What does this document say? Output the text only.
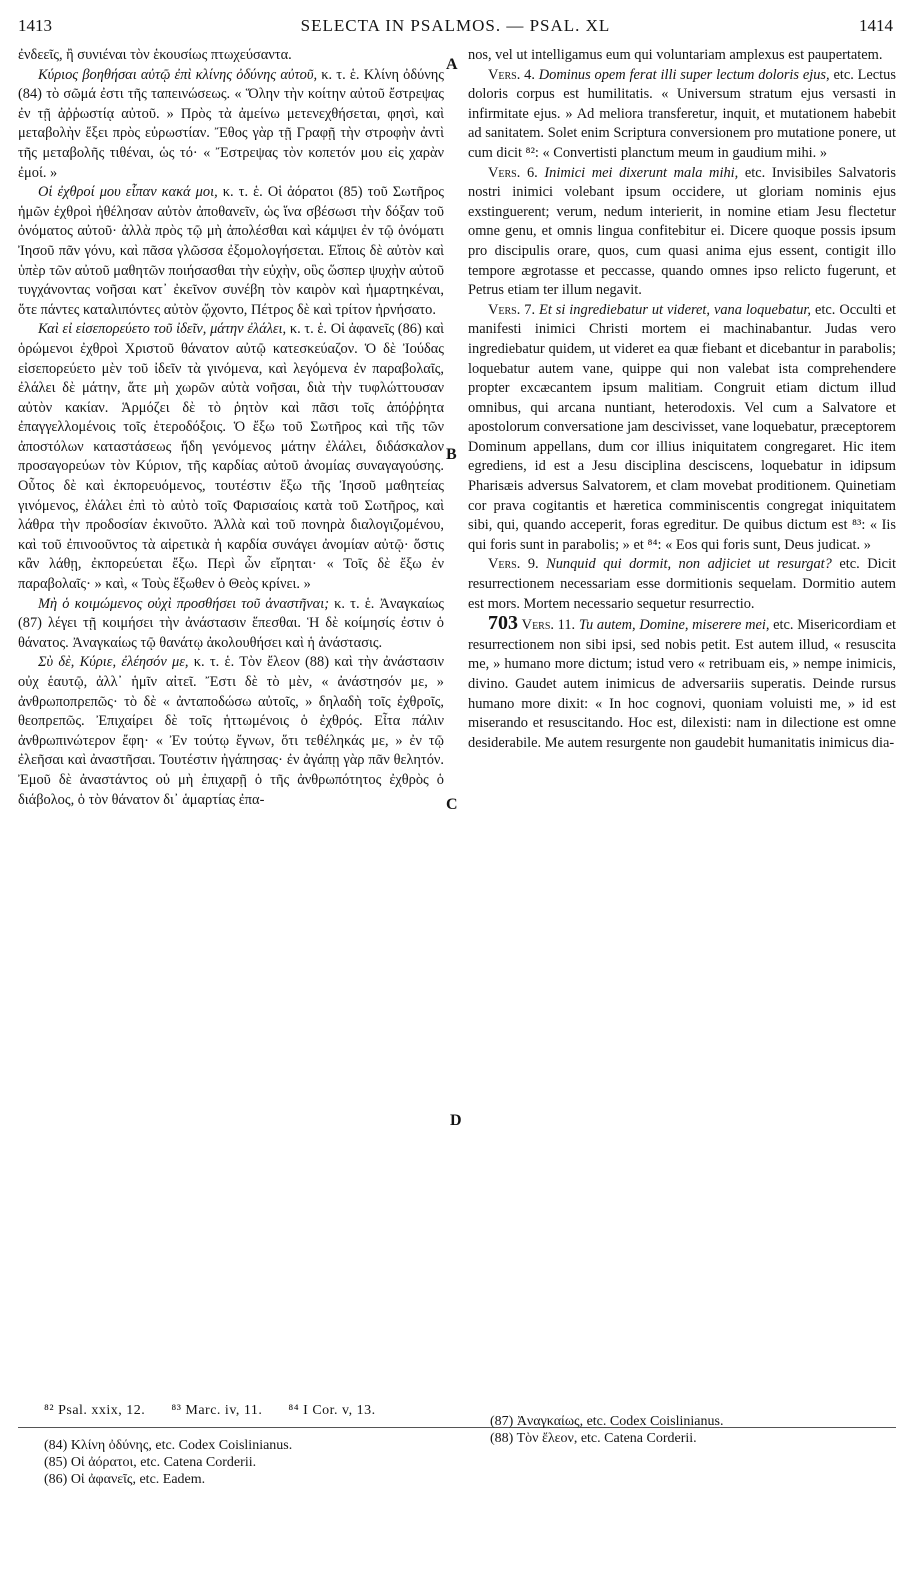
1413	SELECTA IN PSALMOS. — PSAL. XL	1414

ἐνδεεῖς, ἢ συνιέναι τὸν ἑκουσίως πτωχεύσαντα.

Κύριος βοηθήσαι αὐτῷ ἐπὶ κλίνης ὀδύνης αὐτοῦ, κ. τ. ἑ. Κλίνη ὀδύνης (84) τὸ σῶμά ἐστι τῆς ταπεινώσεως. « Ὅλην τὴν κοίτην αὐτοῦ ἔστρεψας ἐν τῇ ἀῤῥωστίᾳ αὐτοῦ. » Πρὸς τὰ ἀμείνω μετενεχθήσεται, φησὶ, καὶ μεταβολὴν ἕξει πρὸς εὐρωστίαν. Ἔθος γὰρ τῇ Γραφῇ τὴν στροφὴν ἀντὶ τῆς μεταβολῆς τιθέναι, ὡς τό· « Ἔστρεψας τὸν κοπετόν μου εἰς χαρὰν ἐμοί. »

Οἱ ἐχθροί μου εἶπαν κακά μοι, κ. τ. ἑ. Οἱ ἀόρατοι (85) τοῦ Σωτῆρος ἡμῶν ἐχθροὶ ἠθέλησαν αὐτὸν ἀποθανεῖν, ὡς ἵνα σβέσωσι τὴν δόξαν τοῦ ὀνόματος αὐτοῦ· ἀλλὰ πρὸς τῷ μὴ ἀπολέσθαι καὶ κάμψει ἐν τῷ ὀνόματι Ἰησοῦ πᾶν γόνυ, καὶ πᾶσα γλῶσσα ἐξομολογήσεται. Εἴποις δὲ αὐτὸν καὶ ὑπὲρ τῶν αὐτοῦ μαθητῶν ποιήσασθαι τὴν εὐχὴν, οὓς ὥσπερ ψυχὴν αὐτοῦ τυγχάνοντας νοῆσαι κατ᾽ ἐκεῖνον συνέβη τὸν καιρὸν καὶ ἡμαρτηκέναι, ὅτε πάντες καταλιπόντες αὐτὸν ᾤχοντο, Πέτρος δὲ καὶ τρίτον ἠρνήσατο.

Καὶ εἰ εἰσεπορεύετο τοῦ ἰδεῖν, μάτην ἐλάλει, κ. τ. ἑ. Οἱ ἀφανεῖς (86) καὶ ὁρώμενοι ἐχθροὶ Χριστοῦ θάνατον αὐτῷ κατεσκεύαζον. Ὁ δὲ Ἰούδας εἰσεπορεύετο μὲν τοῦ ἰδεῖν τὰ γινόμενα, καὶ λεγόμενα ἐν παραβολαῖς, ἐλάλει δὲ μάτην, ἅτε μὴ χωρῶν αὐτὰ νοῆσαι, διὰ τὴν τυφλώττουσαν αὐτὸν κακίαν. Ἁρμόζει δὲ τὸ ῥητὸν καὶ πᾶσι τοῖς ἀπόῤῥητα ἐπαγγελλομένοις τοῖς ἑτεροδόξοις. Ὁ ἔξω τοῦ Σωτῆρος καὶ τῆς τῶν ἀποστόλων καταστάσεως ἤδη γενόμενος μάτην ἐλάλει, διδάσκαλον προσαγορεύων τὸν Κύριον, τῆς καρδίας αὐτοῦ ἀνομίας συναγαγούσης. Οὗτος δὲ καὶ ἐκπορευόμενος, τουτέστιν ἔξω τῆς Ἰησοῦ μαθητείας γινόμενος, ἐλάλει ἐπὶ τὸ αὐτὸ τοῖς Φαρισαίοις κατὰ τοῦ Σωτῆρος, καὶ λάθρα τὴν προδοσίαν ἐκινοῦτο. Ἀλλὰ καὶ τοῦ πονηρὰ διαλογιζομένου, καὶ τοῦ ἐπινοοῦντος τὰ αἱρετικὰ ἡ καρδία συνάγει ἀνομίαν αὐτῷ· ὅστις κἂν λάθῃ, ἐκπορεύεται ἔξω. Περὶ ὧν εἴρηται· « Τοῖς δὲ ἔξω ἐν παραβολαῖς· » καὶ, « Τοὺς ἔξωθεν ὁ Θεὸς κρίνει. »

Μὴ ὁ κοιμώμενος οὐχὶ προσθήσει τοῦ ἀναστῆναι; κ. τ. ἑ. Ἀναγκαίως (87) λέγει τῇ κοιμήσει τὴν ἀνάστασιν ἕπεσθαι. Ἡ δὲ κοίμησίς ἐστιν ὁ θάνατος. Ἀναγκαίως τῷ θανάτῳ ἀκολουθήσει καὶ ἡ ἀνάστασις.

Σὺ δὲ, Κύριε, ἐλέησόν με, κ. τ. ἑ. Τὸν ἔλεον (88) καὶ τὴν ἀνάστασιν οὐχ ἑαυτῷ, ἀλλ᾽ ἡμῖν αἰτεῖ. Ἔστι δὲ τὸ μὲν, « ἀνάστησόν με, » ἀνθρωποπρεπῶς· τὸ δὲ « ἀνταποδώσω αὐτοῖς, » δηλαδὴ τοῖς ἐχθροῖς, θεοπρεπῶς. Ἐπιχαίρει δὲ τοῖς ἡττωμένοις ὁ ἐχθρός. Εἶτα πάλιν ἀνθρωπινώτερον ἔφη· « Ἐν τούτῳ ἔγνων, ὅτι τεθέληκάς με, » ἐν τῷ ἐλεῆσαι καὶ ἀναστῆσαι. Τουτέστιν ἠγάπησας· ἐν ἀγάπῃ γὰρ πᾶν θελητόν. Ἐμοῦ δὲ ἀναστάντος οὐ μὴ ἐπιχαρῇ ὁ τῆς ἀνθρωπότητος ἐχθρὸς ὁ διάβολος, ὁ τὸν θάνατον δι᾽ ἁμαρτίας ἐπα-

nos, vel ut intelligamus eum qui voluntariam amplexus est paupertatem.

Vers. 4. Dominus opem ferat illi super lectum doloris ejus, etc. Lectus doloris corpus est humilitatis. « Universum stratum ejus versasti in infirmitate ejus. » Ad meliora transferetur, inquit, et mutationem habebit ad sanitatem. Solet enim Scriptura conversionem pro mutatione ponere, ut cum dicit ⁸²: « Convertisti planctum meum in gaudium mihi. »

Vers. 6. Inimici mei dixerunt mala mihi, etc. Invisibiles Salvatoris nostri inimici volebant ipsum occidere, ut gloriam nominis ejus exstinguerent; verum, nedum interierit, in nomine etiam Jesu flectetur omne genu, et omnis lingua confitebitur ei. Dicere quoque possis ipsum pro discipulis orare, quos, cum quasi anima ejus essent, contigit illo tempore ægrotasse et peccasse, quando omnes ipso relicto fugerunt, et Petrus etiam ter illum negavit.

Vers. 7. Et si ingrediebatur ut videret, vana loquebatur, etc. Occulti et manifesti inimici Christi mortem ei machinabantur. Judas vero ingrediebatur quidem, ut videret ea quæ fiebant et dicebantur in parabolis; loquebatur autem vane, quippe qui non valebat ista comprehendere propter excæcantem ipsum malitiam. Congruit etiam dictum illud omnibus, qui arcana nuntiant, heterodoxis. Vel cum a Salvatore et apostolorum conversatione jam descivisset, vane loquebatur, præceptorem Dominum appellans, dum cor illius iniquitatem congregaret. Hic item egrediens, id est a Jesu disciplina desciscens, loquebatur in idipsum Pharisæis adversus Salvatorem, et clam movebat proditionem. Quinetiam cor prava cogitantis et hæretica comminiscentis congregat iniquitatem sibi, qui, quando acceperit, foras egreditur. De quibus dictum est ⁸³: « Iis qui foris sunt in parabolis; » et ⁸⁴: « Eos qui foris sunt, Deus judicat. »

Vers. 9. Nunquid qui dormit, non adjiciet ut resurgat? etc. Dicit resurrectionem necessariam esse dormitionis sequelam. Dormitio autem est mors. Mortem necessario sequetur resurrectio.

703 Vers. 11. Tu autem, Domine, miserere mei, etc. Misericordiam et resurrectionem non sibi ipsi, sed nobis petit. Est autem illud, « resuscita me, » humano more dictum; istud vero « retribuam eis, » nempe inimicis, divino. Gaudet autem inimicus de adversariis superatis. Deinde rursus humano more dixit: « In hoc cognovi, quoniam voluisti me, » id est miserando et resuscitando. Hoc est, dilexisti: nam in dilectione est omne desiderabile. Me autem resurgente non gaudebit humanitatis inimicus dia-

A
B
C
D
⁸² Psal. xxix, 12. ⁸³ Marc. iv, 11. ⁸⁴ I Cor. v, 13.
(84) Κλίνη ὀδύνης, etc. Codex Coislinianus.
(85) Οἱ ἀόρατοι, etc. Catena Corderii.
(86) Οἱ ἀφανεῖς, etc. Eadem.
(87) Ἀναγκαίως, etc. Codex Coislinianus.
(88) Τὸν ἔλεον, etc. Catena Corderii.
